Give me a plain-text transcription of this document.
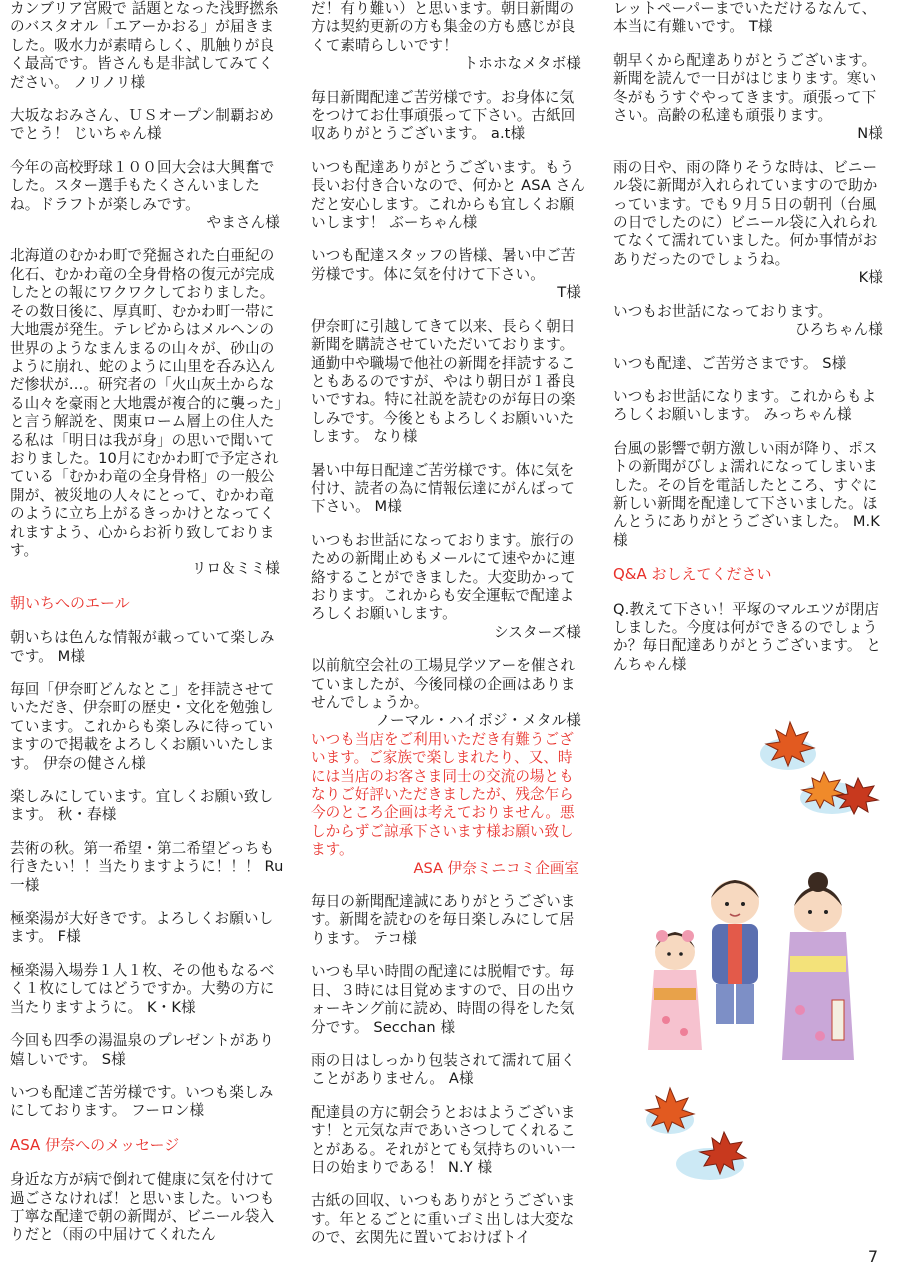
カンブリア宮殿で 話題となった浅野撚糸のバスタオル「エアーかおる」が届きました。吸水力が素晴らしく、肌触りが良く最高です。皆さんも是非試してみてください。 ノリノリ様

大坂なおみさん、ＵＳオープン制覇おめでとう！ じいちゃん様

今年の高校野球１００回大会は大興奮でした。スター選手もたくさんいましたね。ドラフトが楽しみです。
やまさん様

北海道のむかわ町で発掘された白亜紀の化石、むかわ竜の全身骨格の復元が完成したとの報にワクワクしておりました。その数日後に、厚真町、むかわ町一帯に大地震が発生。テレビからはメルヘンの世界のようなまんまるの山々が、砂山のように崩れ、蛇のように山里を呑み込んだ惨状が…。研究者の「火山灰土からなる山々を豪雨と大地震が複合的に襲った」と言う解説を、関東ローム層上の住人たる私は「明日は我が身」の思いで聞いておりました。10月にむかわ町で予定されている「むかわ竜の全身骨格」の一般公開が、被災地の人々にとって、むかわ竜のように立ち上がるきっかけとなってくれますよう、心からお祈り致しております。
リロ＆ミミ様

朝いちへのエール

朝いちは色んな情報が載っていて楽しみです。 M様

毎回「伊奈町どんなとこ」を拝読させていただき、伊奈町の歴史・文化を勉強しています。これからも楽しみに待っていますので掲載をよろしくお願いいたします。 伊奈の健さん様

楽しみにしています。宜しくお願い致します。 秋・春様

芸術の秋。第一希望・第二希望どっちも行きたい！！当たりますように！！！ Ru一様

極楽湯が大好きです。よろしくお願いします。 F様

極楽湯入場券１人１枚、その他もなるべく１枚にしてはどうですか。大勢の方に当たりますように。 K・K様

今回も四季の湯温泉のプレゼントがあり嬉しいです。 S様

いつも配達ご苦労様です。いつも楽しみにしております。 フーロン様

ASA 伊奈へのメッセージ

身近な方が病で倒れて健康に気を付けて過ごさなければ！と思いました。いつも丁寧な配達で朝の新聞が、ビニール袋入りだと（雨の中届けてくれたん

だ！有り難い）と思います。朝日新聞の方は契約更新の方も集金の方も感じが良くて素晴らしいです！
トホホなメタボ様

毎日新聞配達ご苦労様です。お身体に気をつけてお仕事頑張って下さい。古紙回収ありがとうございます。 a.t様

いつも配達ありがとうございます。もう長いお付き合いなので、何かと ASA さんだと安心します。これからも宜しくお願いします！ ぶーちゃん様

いつも配達スタッフの皆様、暑い中ご苦労様です。体に気を付けて下さい。
T様

伊奈町に引越してきて以来、長らく朝日新聞を購読させていただいております。通勤中や職場で他社の新聞を拝読することもあるのですが、やはり朝日が１番良いですね。特に社説を読むのが毎日の楽しみです。今後ともよろしくお願いいたします。 なり様

暑い中毎日配達ご苦労様です。体に気を付け、読者の為に情報伝達にがんばって下さい。 M様

いつもお世話になっております。旅行のための新聞止めもメールにて速やかに連絡することができました。大変助かっております。これからも安全運転で配達よろしくお願いします。
シスターズ様

以前航空会社の工場見学ツアーを催されていましたが、今後同様の企画はありませんでしょうか。
ノーマル・ハイボジ・メタル様

いつも当店をご利用いただき有難うございます。ご家族で楽しまれたり、又、時には当店のお客さま同士の交流の場ともなりご好評いただきましたが、残念乍ら今のところ企画は考えておりません。悪しからずご諒承下さいます様お願い致します。

ASA 伊奈ミニコミ企画室

毎日の新聞配達誠にありがとうございます。新聞を読むのを毎日楽しみにして居ります。 テコ様

いつも早い時間の配達には脱帽です。毎日、３時には目覚めますので、日の出ウォーキング前に読め、時間の得をした気分です。 Secchan 様

雨の日はしっかり包装されて濡れて届くことがありません。 A様

配達員の方に朝会うとおはようございます！と元気な声であいさつしてくれることがある。それがとても気持ちのいい一日の始まりである！ N.Y 様

古紙の回収、いつもありがとうございます。年とるごとに重いゴミ出しは大変なので、玄関先に置いておけばトイ

レットペーパーまでいただけるなんて、本当に有難いです。 T様

朝早くから配達ありがとうございます。新聞を読んで一日がはじまります。寒い冬がもうすぐやってきます。頑張って下さい。高齢の私達も頑張ります。
N様

雨の日や、雨の降りそうな時は、ビニール袋に新聞が入れられていますので助かっています。でも９月５日の朝刊（台風の日でしたのに）ビニール袋に入れられてなくて濡れていました。何か事情がおありだったのでしょうね。
K様

いつもお世話になっております。
ひろちゃん様

いつも配達、ご苦労さまです。 S様

いつもお世話になります。これからもよろしくお願いします。 みっちゃん様

台風の影響で朝方激しい雨が降り、ポストの新聞がびしょ濡れになってしまいました。その旨を電話したところ、すぐに新しい新聞を配達して下さいました。ほんとうにありがとうございました。 M.K様

Q&A おしえてください

Q.教えて下さい！平塚のマルエツが閉店しました。今度は何ができるのでしょうか？毎日配達ありがとうございます。 とんちゃん様

7
